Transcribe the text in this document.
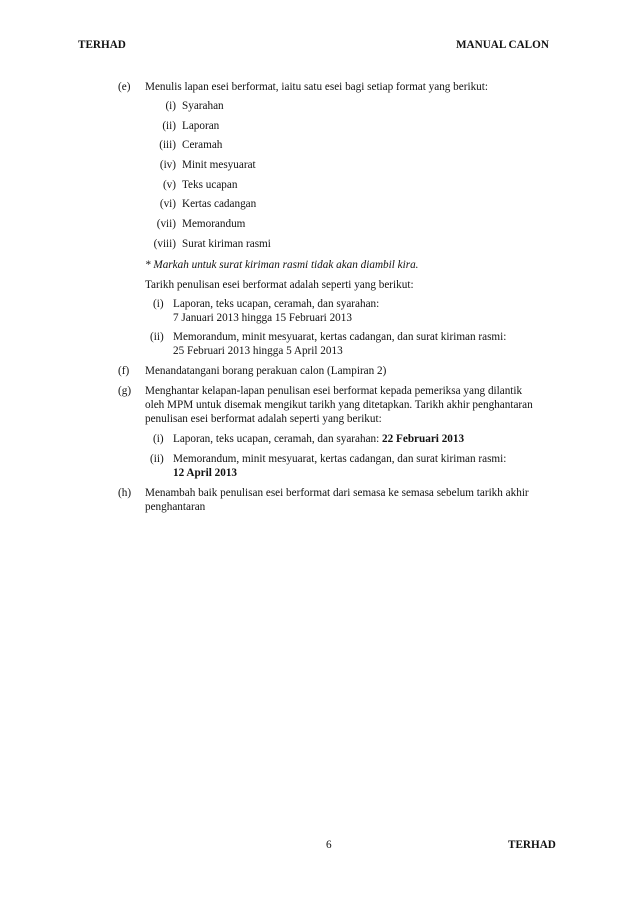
TERHAD	MANUAL CALON
(e) Menulis lapan esei berformat, iaitu satu esei bagi setiap format yang berikut:
(i) Syarahan
(ii) Laporan
(iii) Ceramah
(iv) Minit mesyuarat
(v) Teks ucapan
(vi) Kertas cadangan
(vii) Memorandum
(viii) Surat kiriman rasmi
* Markah untuk surat kiriman rasmi tidak akan diambil kira.
Tarikh penulisan esei berformat adalah seperti yang berikut:
(i) Laporan, teks ucapan, ceramah, dan syarahan:
7 Januari 2013 hingga 15 Februari 2013
(ii) Memorandum, minit mesyuarat, kertas cadangan, dan surat kiriman rasmi:
25 Februari 2013 hingga 5 April 2013
(f) Menandatangani borang perakuan calon (Lampiran 2)
(g) Menghantar kelapan-lapan penulisan esei berformat kepada pemeriksa yang dilantik
oleh MPM untuk disemak mengikut tarikh yang ditetapkan. Tarikh akhir penghantaran
penulisan esei berformat adalah seperti yang berikut:
(i) Laporan, teks ucapan, ceramah, dan syarahan: 22 Februari 2013
(ii) Memorandum, minit mesyuarat, kertas cadangan, dan surat kiriman rasmi:
12 April 2013
(h) Menambah baik penulisan esei berformat dari semasa ke semasa sebelum tarikh akhir
penghantaran
6	TERHAD
